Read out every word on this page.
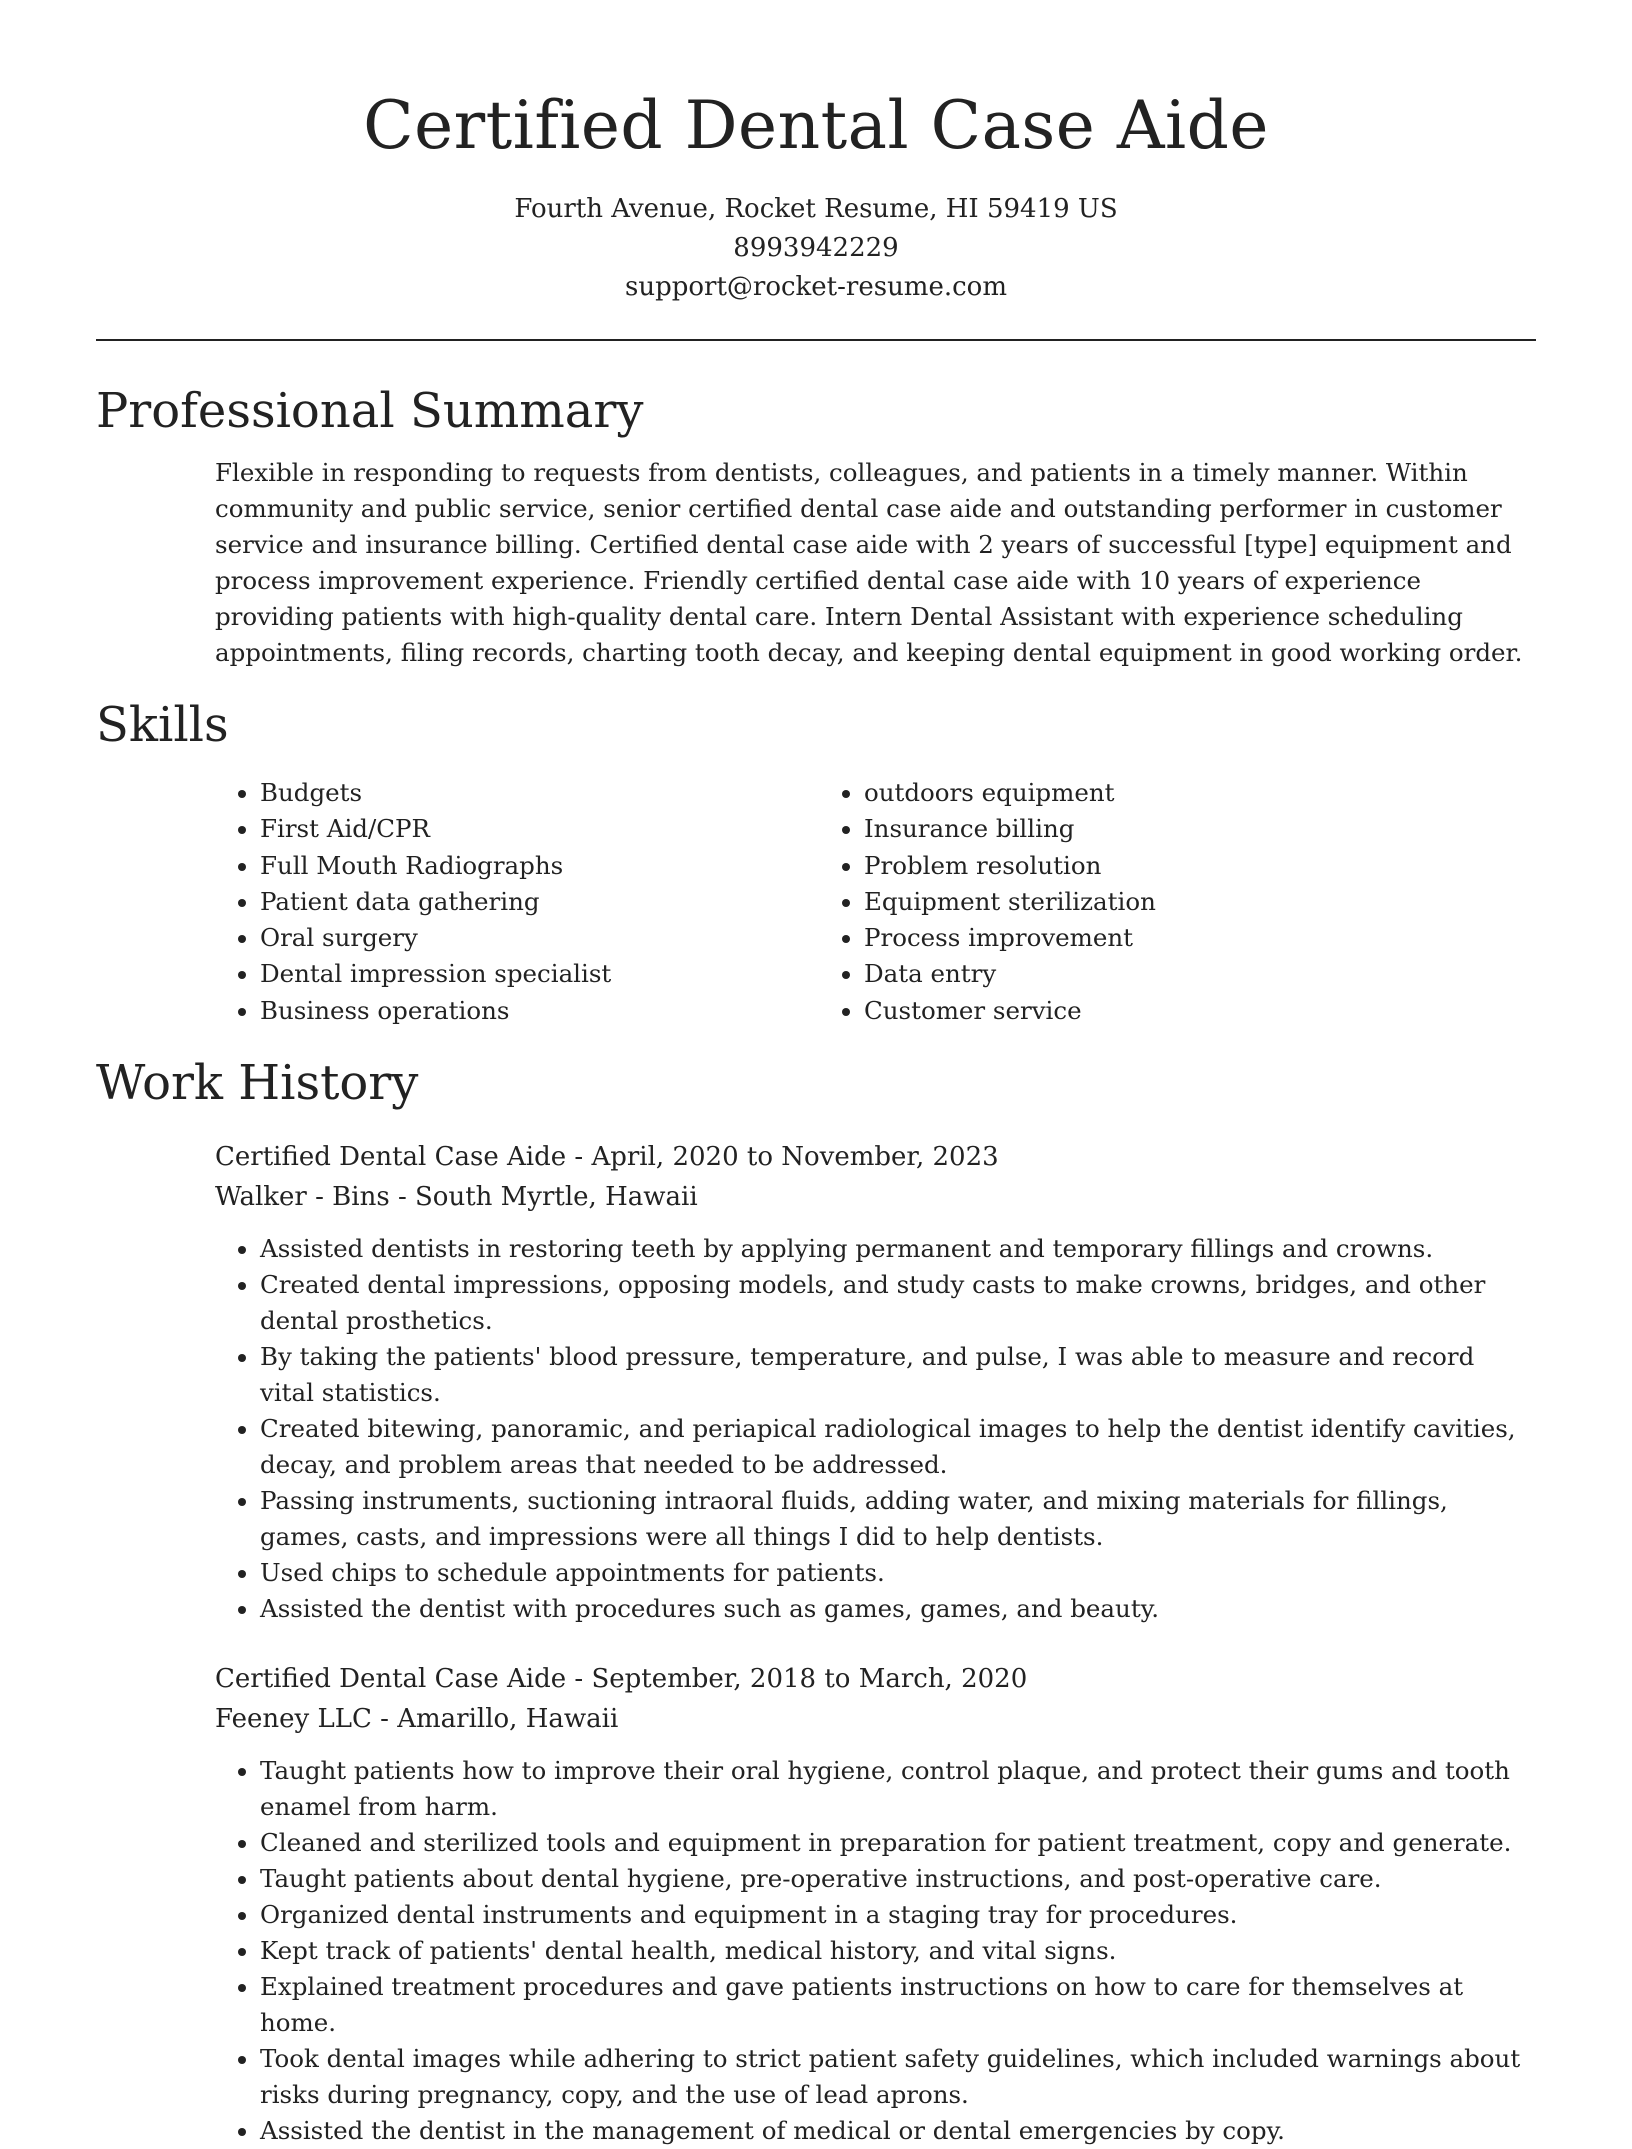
Certified Dental Case Aide
Fourth Avenue, Rocket Resume, HI 59419 US
8993942229
support@rocket-resume.com
Professional Summary

Flexible in responding to requests from dentists, colleagues, and patients in a timely manner. Within community and public service, senior certified dental case aide and outstanding performer in customer service and insurance billing. Certified dental case aide with 2 years of successful [type] equipment and process improvement experience. Friendly certified dental case aide with 10 years of experience providing patients with high-quality dental care. Intern Dental Assistant with experience scheduling appointments, filing records, charting tooth decay, and keeping dental equipment in good working order.

Skills
• Budgets
• First Aid/CPR
• Full Mouth Radiographs
• Patient data gathering
• Oral surgery
• Dental impression specialist
• Business operations
• outdoors equipment
• Insurance billing
• Problem resolution
• Equipment sterilization
• Process improvement
• Data entry
• Customer service
Work History
Certified Dental Case Aide - April, 2020 to November, 2023
Walker - Bins - South Myrtle, Hawaii
• Assisted dentists in restoring teeth by applying permanent and temporary fillings and crowns.
• Created dental impressions, opposing models, and study casts to make crowns, bridges, and other dental prosthetics.
• By taking the patients' blood pressure, temperature, and pulse, I was able to measure and record vital statistics.
• Created bitewing, panoramic, and periapical radiological images to help the dentist identify cavities, decay, and problem areas that needed to be addressed.
• Passing instruments, suctioning intraoral fluids, adding water, and mixing materials for fillings, games, casts, and impressions were all things I did to help dentists.
• Used chips to schedule appointments for patients.
• Assisted the dentist with procedures such as games, games, and beauty.
Certified Dental Case Aide - September, 2018 to March, 2020
Feeney LLC - Amarillo, Hawaii
• Taught patients how to improve their oral hygiene, control plaque, and protect their gums and tooth enamel from harm.
• Cleaned and sterilized tools and equipment in preparation for patient treatment, copy and generate.
• Taught patients about dental hygiene, pre-operative instructions, and post-operative care.
• Organized dental instruments and equipment in a staging tray for procedures.
• Kept track of patients' dental health, medical history, and vital signs.
• Explained treatment procedures and gave patients instructions on how to care for themselves at home.
• Took dental images while adhering to strict patient safety guidelines, which included warnings about risks during pregnancy, copy, and the use of lead aprons.
• Assisted the dentist in the management of medical or dental emergencies by copy.
